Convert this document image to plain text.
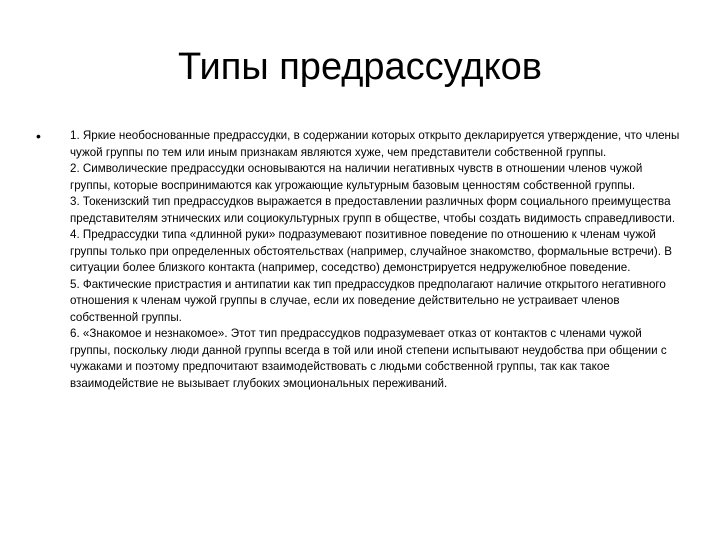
Типы предрассудков
•	1. Яркие необоснованные предрассудки, в содержании которых открыто декларируется утверждение, что члены чужой группы по тем или иным признакам являются хуже, чем представители собственной группы.

2. Символические предрассудки основываются на наличии негативных чувств в отношении членов чужой группы, которые воспринимаются как угрожающие культурным базовым ценностям собственной группы.

3. Токенизский тип предрассудков выражается в предоставлении различных форм социального преимущества представителям этнических или социокультурных групп в обществе, чтобы создать видимость справедливости.

4. Предрассудки типа «длинной руки» подразумевают позитивное поведение по отношению к членам чужой группы только при определенных обстоятельствах (например, случайное знакомство, формальные встречи). В ситуации более близкого контакта (например, соседство) демонстрируется недружелюбное поведение.

5. Фактические пристрастия и антипатии как тип предрассудков предполагают наличие открытого негативного отношения к членам чужой группы в случае, если их поведение действительно не устраивает членов собственной группы.

6. «Знакомое и незнакомое». Этот тип предрассудков подразумевает отказ от контактов с членами чужой группы, поскольку люди данной группы всегда в той или иной степени испытывают неудобства при общении с чужаками и поэтому предпочитают взаимодействовать с людьми собственной группы, так как такое взаимодействие не вызывает глубоких эмоциональных переживаний.
